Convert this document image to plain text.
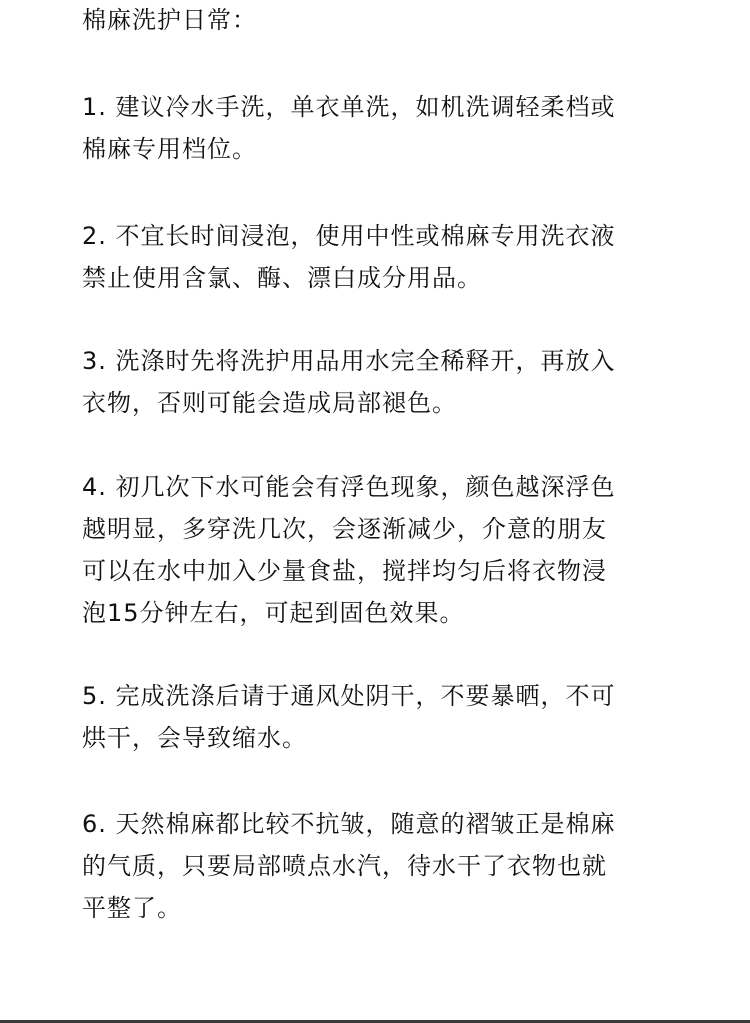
棉麻洗护日常：

1. 建议冷水手洗，单衣单洗，如机洗调轻柔档或
棉麻专用档位。

2. 不宜长时间浸泡，使用中性或棉麻专用洗衣液
禁止使用含氯、酶、漂白成分用品。

3. 洗涤时先将洗护用品用水完全稀释开，再放入
衣物，否则可能会造成局部褪色。

4. 初几次下水可能会有浮色现象，颜色越深浮色
越明显，多穿洗几次，会逐渐减少，介意的朋友
可以在水中加入少量食盐，搅拌均匀后将衣物浸
泡15分钟左右，可起到固色效果。

5. 完成洗涤后请于通风处阴干，不要暴晒，不可
烘干，会导致缩水。

6. 天然棉麻都比较不抗皱，随意的褶皱正是棉麻
的气质，只要局部喷点水汽，待水干了衣物也就
平整了。
